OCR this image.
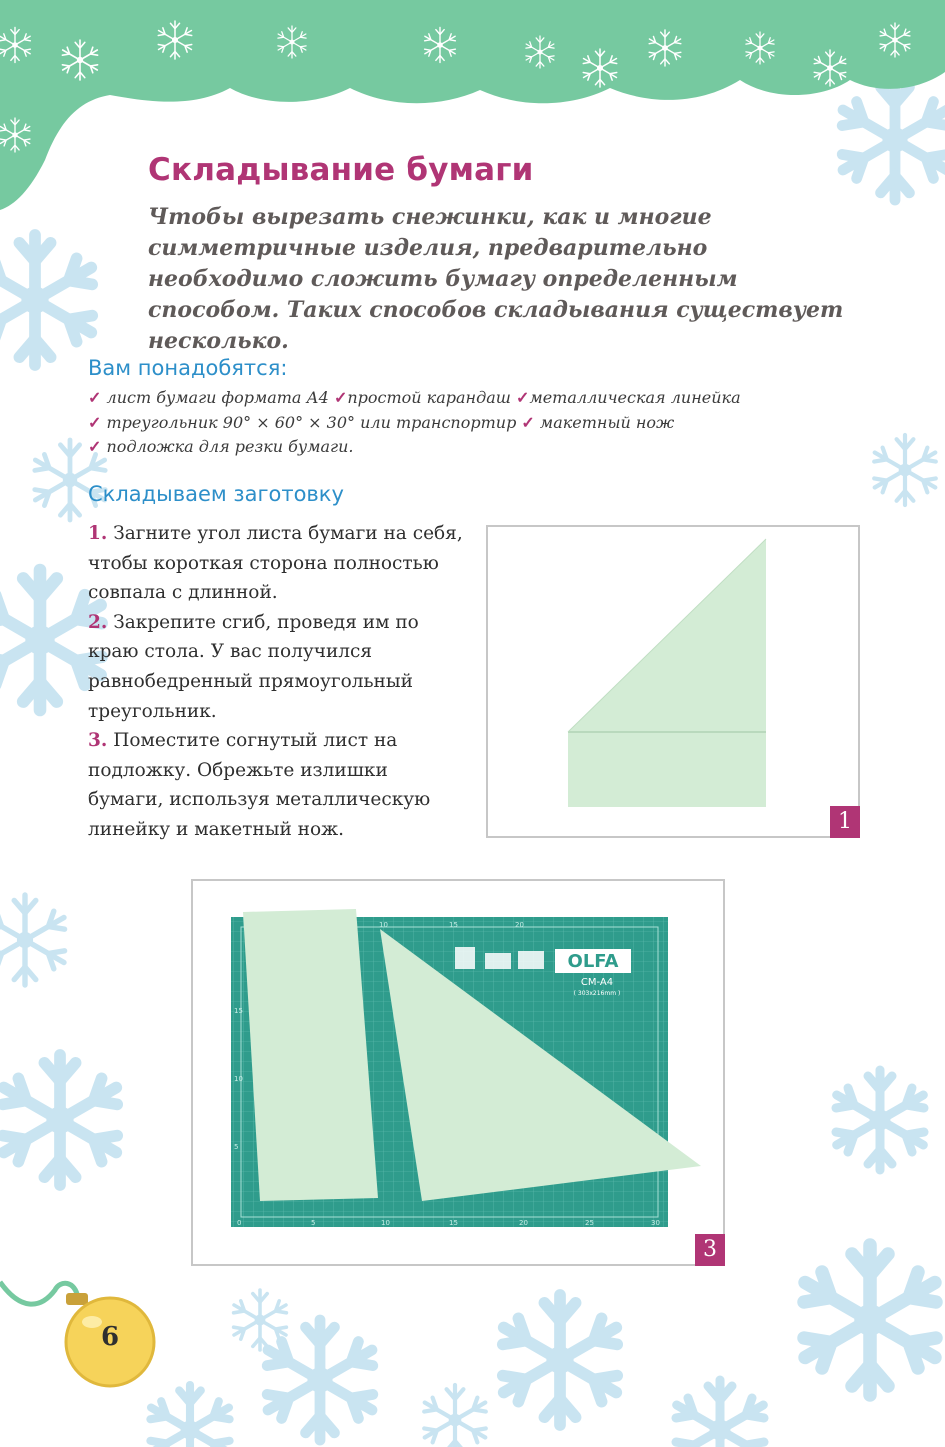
Складывание бумаги

Чтобы вырезать снежинки, как и многие симметричные изделия, предварительно необходимо сложить бумагу определенным способом. Таких способов складывания существует несколько.

Вам понадобятся:
✓ лист бумаги формата А4 ✓простой карандаш ✓металлическая линейка
✓ треугольник 90° × 60° × 30° или транспортир ✓ макетный нож
✓ подложка для резки бумаги.
Складываем заготовку
1. Загните угол листа бумаги на себя, чтобы короткая сторона полностью совпала с длинной.
2. Закрепите сгиб, проведя им по краю стола. У вас получился равнобедренный прямоугольный треугольник.
3. Поместите согнутый лист на подложку. Обрежьте излишки бумаги, используя металлическую линейку и макетный нож.	1
OLFA
CM-A4
( 303x216mm )
10	15	20
0	5	10	15	20	25	30
15
10
5
3
6
